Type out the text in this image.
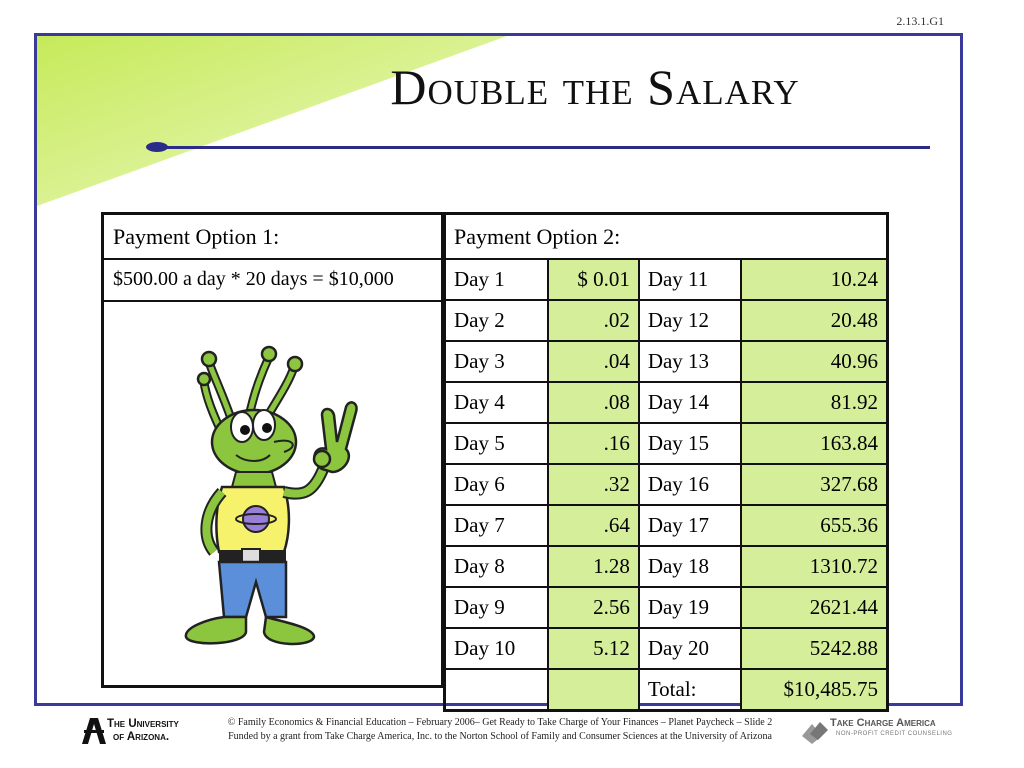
2.13.1.G1
Double the Salary
Payment Option 1:
$500.00 a day * 20 days = $10,000
Payment Option 2:			
Day 1	$ 0.01	Day 11	10.24
Day 2	.02	Day 12	20.48
Day 3	.04	Day 13	40.96
Day 4	.08	Day 14	81.92
Day 5	.16	Day 15	163.84
Day 6	.32	Day 16	327.68
Day 7	.64	Day 17	655.36
Day 8	1.28	Day 18	1310.72
Day 9	2.56	Day 19	2621.44
Day 10	5.12	Day 20	5242.88
		Total:	$10,485.75
The University
of Arizona.
© Family Economics & Financial Education – February 2006– Get Ready to Take Charge of Your Finances – Planet Paycheck – Slide 2
Funded by a grant from Take Charge America, Inc. to the Norton School of Family and Consumer Sciences at the University of Arizona
Take Charge America
NON-PROFIT CREDIT COUNSELING
